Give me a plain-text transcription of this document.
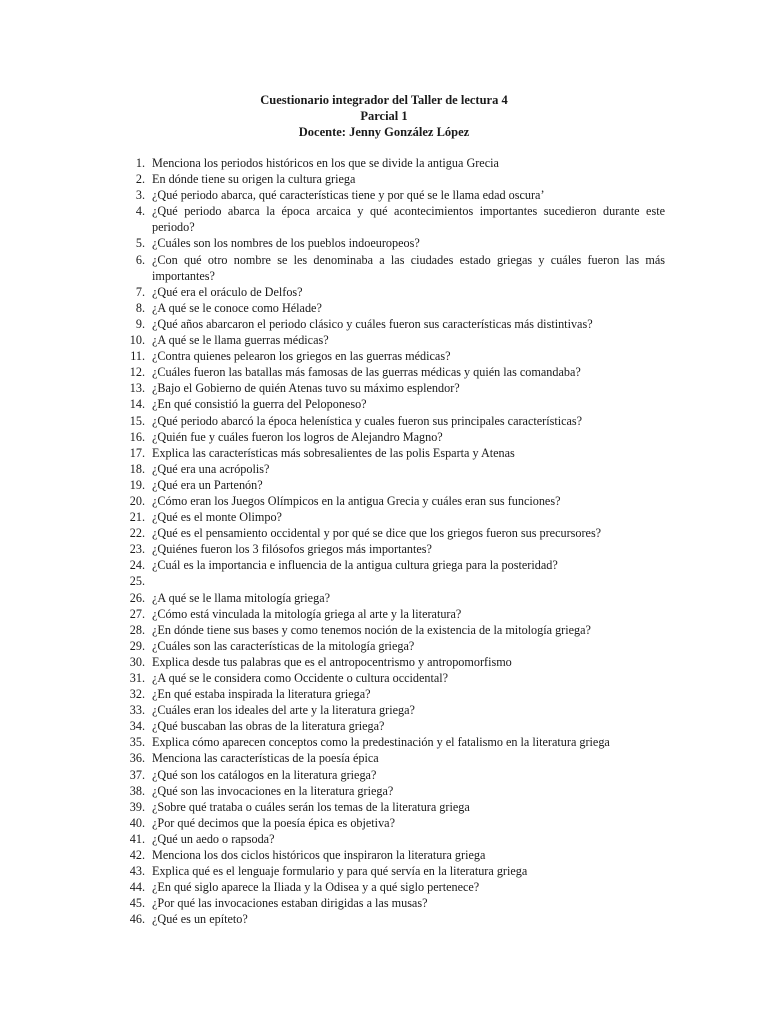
Cuestionario integrador del Taller de lectura 4
Parcial 1
Docente: Jenny González López
1. Menciona los periodos históricos en los que se divide la antigua Grecia
2. En dónde tiene su origen la cultura griega
3. ¿Qué periodo abarca, qué características tiene y por qué se le llama edad oscura’
4. ¿Qué periodo abarca la época arcaica y qué acontecimientos importantes sucedieron durante este periodo?
5. ¿Cuáles son los nombres de los pueblos indoeuropeos?
6. ¿Con qué otro nombre se les denominaba a las ciudades estado griegas y cuáles fueron las más importantes?
7. ¿Qué era el oráculo de Delfos?
8. ¿A qué se le conoce como Hélade?
9. ¿Qué años abarcaron el periodo clásico y cuáles fueron sus características más distintivas?
10. ¿A qué se le llama guerras médicas?
11. ¿Contra quienes pelearon los griegos en las guerras médicas?
12. ¿Cuáles fueron las batallas más famosas de las guerras médicas y quién las comandaba?
13. ¿Bajo el Gobierno de quién Atenas tuvo su máximo esplendor?
14. ¿En qué consistió la guerra del Peloponeso?
15. ¿Qué periodo abarcó la época helenística y cuales fueron sus principales características?
16. ¿Quién fue y cuáles fueron los logros de Alejandro Magno?
17. Explica las características más sobresalientes de las polis Esparta y Atenas
18. ¿Qué era una acrópolis?
19. ¿Qué era un Partenón?
20. ¿Cómo eran los Juegos Olímpicos en la antigua Grecia y cuáles eran sus funciones?
21. ¿Qué es el monte Olimpo?
22. ¿Qué es el pensamiento occidental y por qué se dice que los griegos fueron sus precursores?
23. ¿Quiénes fueron los 3 filósofos griegos más importantes?
24. ¿Cuál es la importancia e influencia de la antigua cultura griega para la posteridad?
25.

26. ¿A qué se le llama mitología griega?
27. ¿Cómo está vinculada la mitología griega al arte y la literatura?
28. ¿En dónde tiene sus bases y como tenemos noción de la existencia de la mitología griega?
29. ¿Cuáles son las características de la mitología griega?
30. Explica desde tus palabras que es el antropocentrismo y antropomorfismo
31. ¿A qué se le considera como Occidente o cultura occidental?
32. ¿En qué estaba inspirada la literatura griega?
33. ¿Cuáles eran los ideales del arte y la literatura griega?
34. ¿Qué buscaban las obras de la literatura griega?
35. Explica cómo aparecen conceptos como la predestinación y el fatalismo en la literatura griega
36. Menciona las características de la poesía épica
37. ¿Qué son los catálogos en la literatura griega?
38. ¿Qué son las invocaciones en la literatura griega?
39. ¿Sobre qué trataba o cuáles serán los temas de la literatura griega
40. ¿Por qué decimos que la poesía épica es objetiva?
41. ¿Qué un aedo o rapsoda?
42. Menciona los dos ciclos históricos que inspiraron la literatura griega
43. Explica qué es el lenguaje formulario y para qué servía en la literatura griega
44. ¿En qué siglo aparece la Iliada y la Odisea y a qué siglo pertenece?
45. ¿Por qué las invocaciones estaban dirigidas a las musas?
46. ¿Qué es un epíteto?
